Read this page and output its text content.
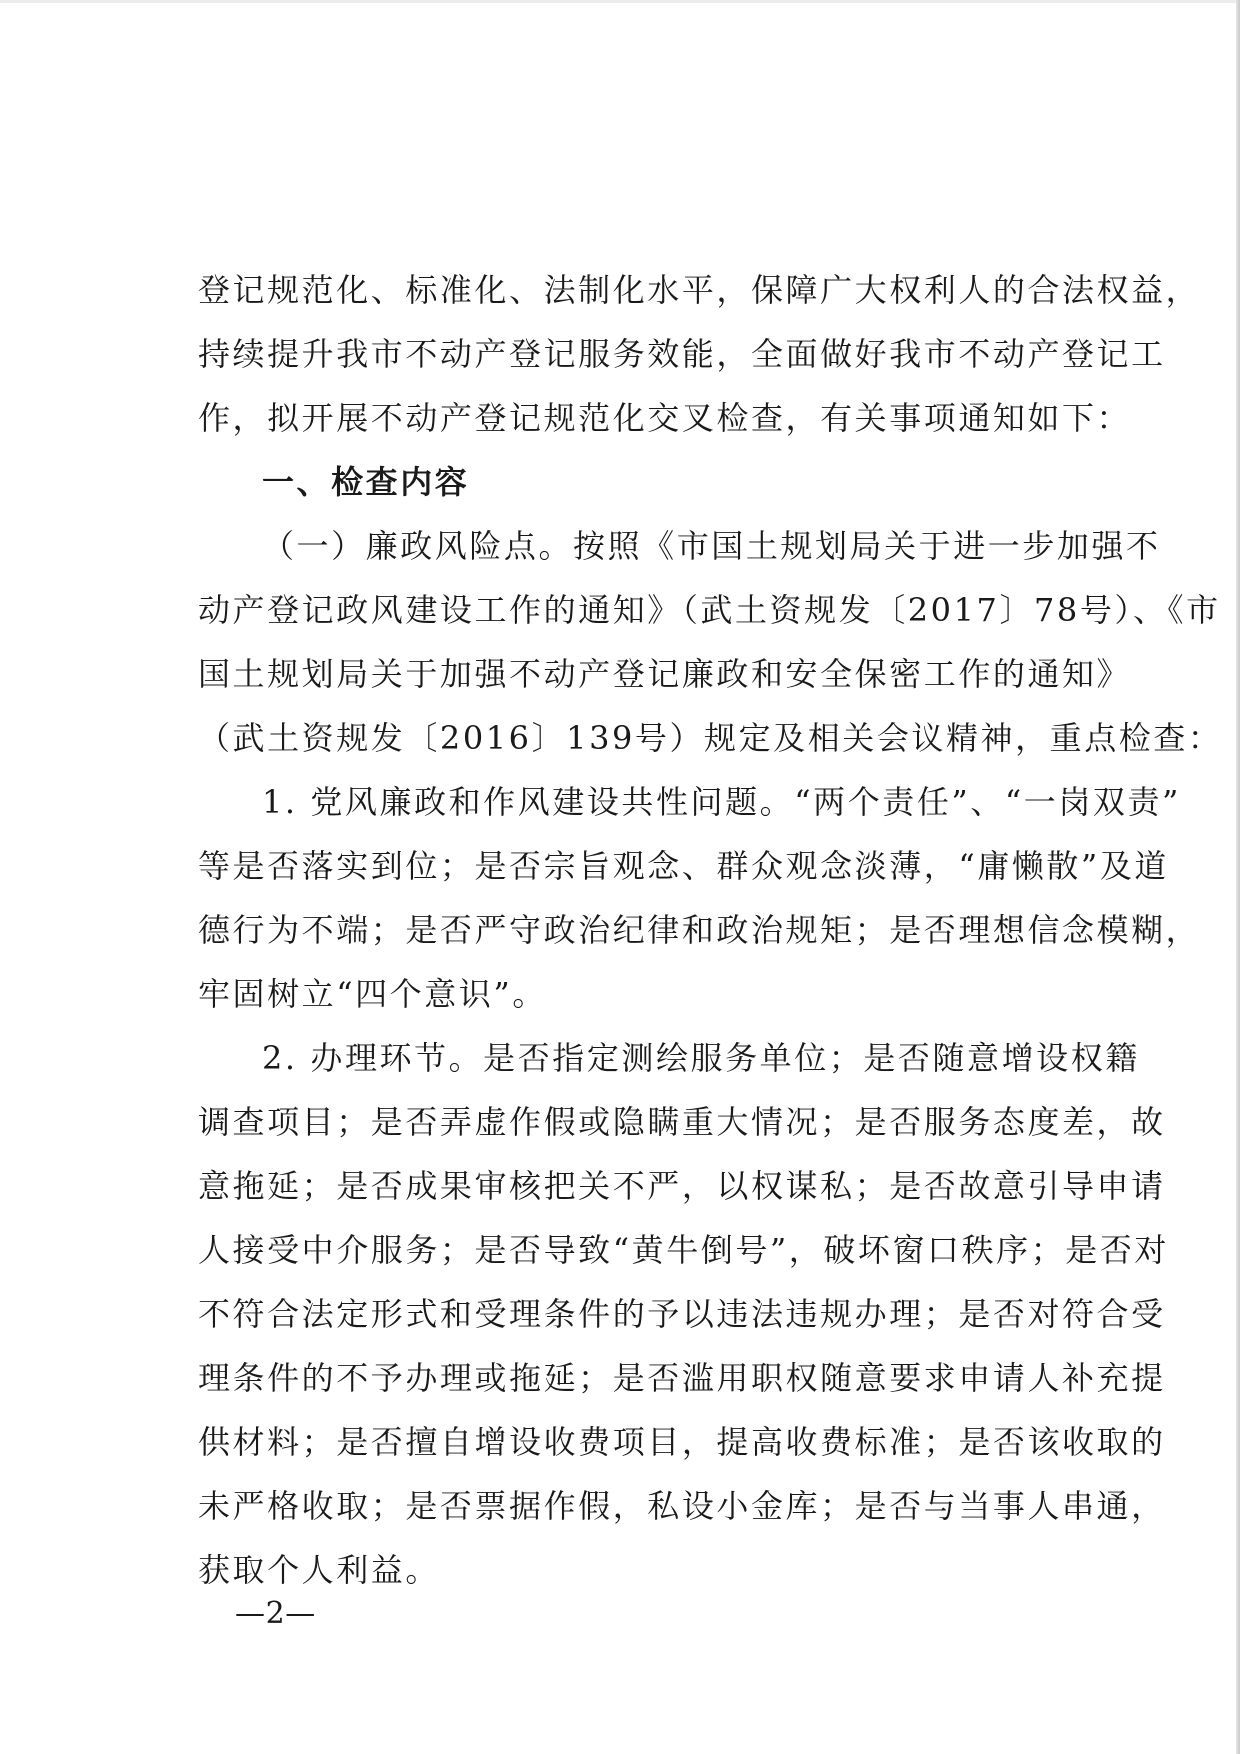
登记规范化、标准化、法制化水平，保障广大权利人的合法权益，
持续提升我市不动产登记服务效能，全面做好我市不动产登记工
作，拟开展不动产登记规范化交叉检查，有关事项通知如下：
一、检查内容
（一）廉政风险点。按照《市国土规划局关于进一步加强不
动产登记政风建设工作的通知》（武土资规发〔2017〕78号）、《市
国土规划局关于加强不动产登记廉政和安全保密工作的通知》
（武土资规发〔2016〕139号）规定及相关会议精神，重点检查：
1. 党风廉政和作风建设共性问题。“两个责任”、“一岗双责”
等是否落实到位；是否宗旨观念、群众观念淡薄，“庸懒散”及道
德行为不端；是否严守政治纪律和政治规矩；是否理想信念模糊，
牢固树立“四个意识”。
2. 办理环节。是否指定测绘服务单位；是否随意增设权籍
调查项目；是否弄虚作假或隐瞒重大情况；是否服务态度差，故
意拖延；是否成果审核把关不严，以权谋私；是否故意引导申请
人接受中介服务；是否导致“黄牛倒号”，破坏窗口秩序；是否对
不符合法定形式和受理条件的予以违法违规办理；是否对符合受
理条件的不予办理或拖延；是否滥用职权随意要求申请人补充提
供材料；是否擅自增设收费项目，提高收费标准；是否该收取的
未严格收取；是否票据作假，私设小金库；是否与当事人串通，
获取个人利益。
—2—
